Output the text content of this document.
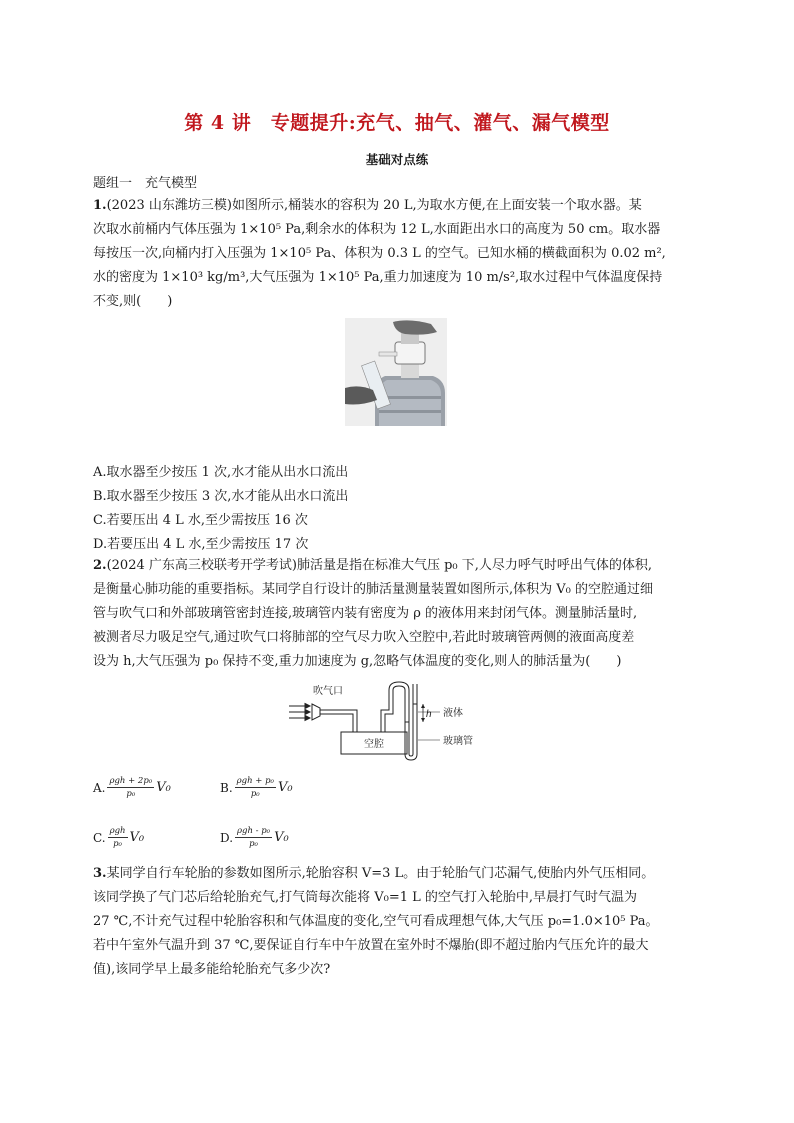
第 4 讲　专题提升:充气、抽气、灌气、漏气模型
基础对点练
题组一　充气模型
1.(2023 山东潍坊三模)如图所示,桶装水的容积为 20 L,为取水方便,在上面安装一个取水器。某
次取水前桶内气体压强为 1×10⁵ Pa,剩余水的体积为 12 L,水面距出水口的高度为 50 cm。取水器
每按压一次,向桶内打入压强为 1×10⁵ Pa、体积为 0.3 L 的空气。已知水桶的横截面积为 0.02 m²,
水的密度为 1×10³ kg/m³,大气压强为 1×10⁵ Pa,重力加速度为 10 m/s²,取水过程中气体温度保持
不变,则(　　)
A.取水器至少按压 1 次,水才能从出水口流出
B.取水器至少按压 3 次,水才能从出水口流出
C.若要压出 4 L 水,至少需按压 16 次
D.若要压出 4 L 水,至少需按压 17 次
2.(2024 广东高三校联考开学考试)肺活量是指在标准大气压 p₀ 下,人尽力呼气时呼出气体的体积,
是衡量心肺功能的重要指标。某同学自行设计的肺活量测量装置如图所示,体积为 V₀ 的空腔通过细
管与吹气口和外部玻璃管密封连接,玻璃管内装有密度为 ρ 的液体用来封闭气体。测量肺活量时,
被测者尽力吸足空气,通过吹气口将肺部的空气尽力吹入空腔中,若此时玻璃管两侧的液面高度差
设为 h,大气压强为 p₀ 保持不变,重力加速度为 g,忽略气体温度的变化,则人的肺活量为(　　)
空腔
h 液体
玻璃管
吹气口
A. $\frac{\text{ρgh + 2p₀}}{\text{p₀}} V_0$	B. $\frac{\text{ρgh + p₀}}{\text{p₀}} V_0$
C. $\frac{\text{ρgh}}{\text{p₀}} V_0$	D. $\frac{\text{ρgh - p₀}}{\text{p₀}} V_0$
3.某同学自行车轮胎的参数如图所示,轮胎容积 V=3 L。由于轮胎气门芯漏气,使胎内外气压相同。
该同学换了气门芯后给轮胎充气,打气筒每次能将 V₀=1 L 的空气打入轮胎中,早晨打气时气温为
27 ℃,不计充气过程中轮胎容积和气体温度的变化,空气可看成理想气体,大气压 p₀=1.0×10⁵ Pa。
若中午室外气温升到 37 ℃,要保证自行车中午放置在室外时不爆胎(即不超过胎内气压允许的最大
值),该同学早上最多能给轮胎充气多少次?
